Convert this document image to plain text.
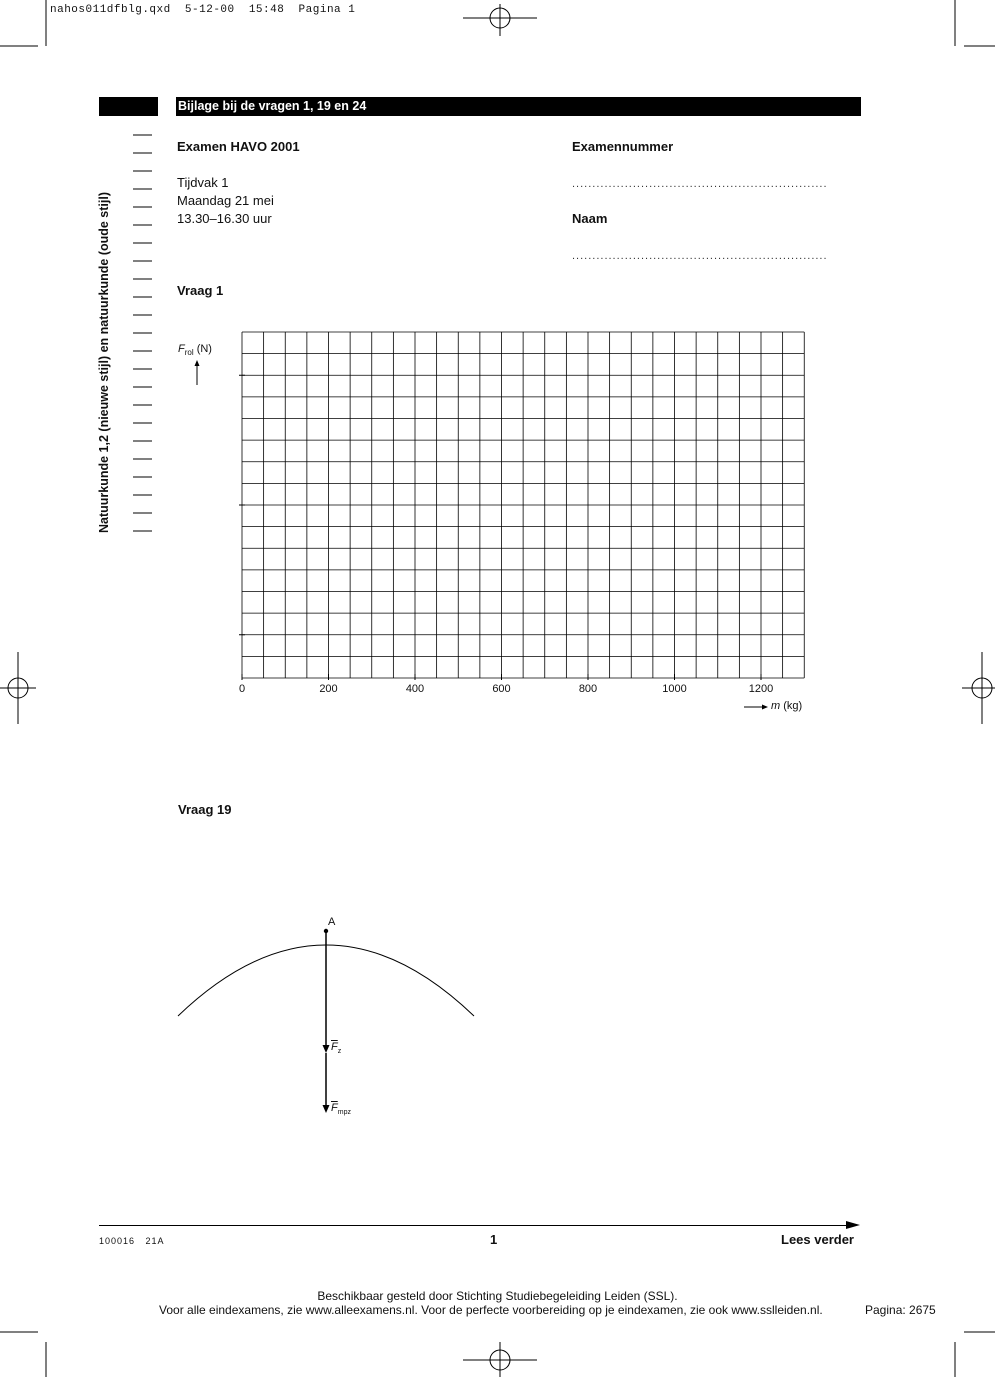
nahos011dfblg.qxd  5-12-00  15:48  Pagina 1
Bijlage bij de vragen 1, 19 en 24
Natuurkunde 1,2 (nieuwe stijl) en natuurkunde (oude stijl)
Examen HAVO 2001
Tijdvak 1
Maandag 21 mei
13.30–16.30 uur
Examennummer
...............................................................
Naam
...............................................................
Vraag 1
$F_{rol}$ (N)
0	200	400	600	800	1000	1200
m (kg)
Vraag 19
A
$\overline{F}_z$
$\overline{F}_{mpz}$
100016   21A	1	Lees verder
Beschikbaar gesteld door Stichting Studiebegeleiding Leiden (SSL).
Voor alle eindexamens, zie www.alleexamens.nl. Voor de perfecte voorbereiding op je eindexamen, zie ook www.sslleiden.nl.	Pagina: 2675
